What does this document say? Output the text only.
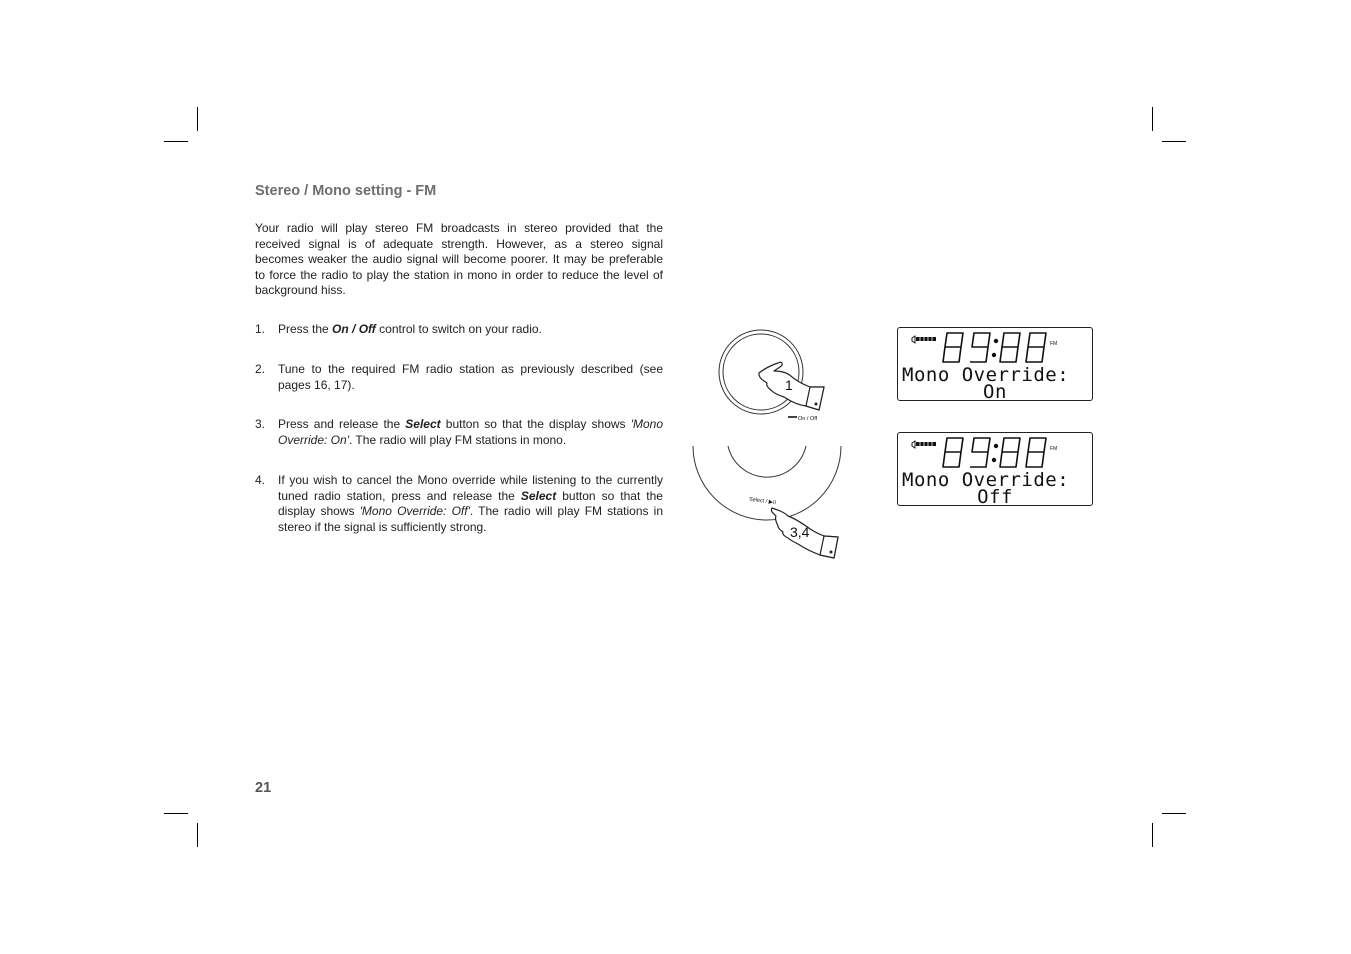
Stereo / Mono setting - FM

Your radio will play stereo FM broadcasts in stereo provided that the received signal is of adequate strength. However, as a stereo signal becomes weaker the audio signal will become poorer. It may be preferable to force the radio to play the station in mono in order to reduce the level of background hiss.

1. Press the On / Off control to switch on your radio.
2. Tune to the required FM radio station as previously described (see pages 16, 17).
3. Press and release the Select button so that the display shows 'Mono Override: On'. The radio will play FM stations in mono.
4. If you wish to cancel the Mono override while listening to the currently tuned radio station, press and release the Select button so that the display shows 'Mono Override: Off'. The radio will play FM stations in stereo if the signal is sufficiently strong.

21

1
On / Off
Select / ▶II
3,4
09:00
FM

Mono Override:

On

09:00
FM

Mono Override:

Off
